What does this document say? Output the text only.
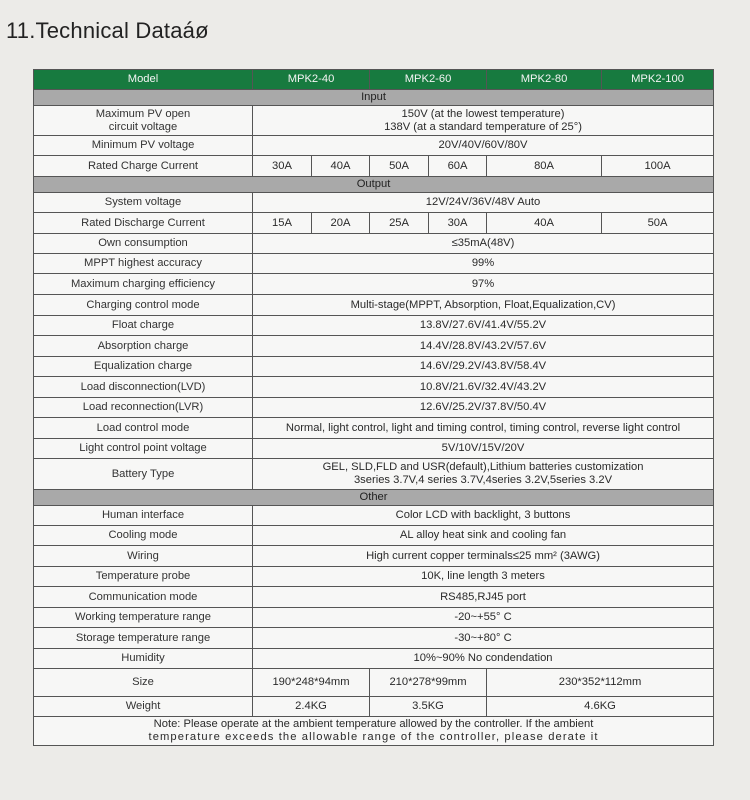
11.Technical Dataáø
Model	MPK2-40		MPK2-60		MPK2-80	MPK2-100
Input						
Maximum PV open
circuit voltage	150V (at the lowest temperature)
138V (at a standard temperature of 25°)					
Minimum PV voltage	20V/40V/60V/80V					
Rated Charge Current	30A	40A	50A	60A	80A	100A
Output						
System voltage	12V/24V/36V/48V Auto					
Rated Discharge Current	15A	20A	25A	30A	40A	50A
Own consumption	≤35mA(48V)					
MPPT highest accuracy	99%					
Maximum charging efficiency	97%					
Charging control mode	Multi-stage(MPPT, Absorption, Float,Equalization,CV)					
Float charge	13.8V/27.6V/41.4V/55.2V					
Absorption charge	14.4V/28.8V/43.2V/57.6V					
Equalization charge	14.6V/29.2V/43.8V/58.4V					
Load disconnection(LVD)	10.8V/21.6V/32.4V/43.2V					
Load reconnection(LVR)	12.6V/25.2V/37.8V/50.4V					
Load control mode	Normal, light control, light and timing control, timing control, reverse light control					
Light control point voltage	5V/10V/15V/20V					
Battery Type	GEL, SLD,FLD and USR(default),Lithium batteries customization
3series 3.7V,4 series 3.7V,4series 3.2V,5series 3.2V					
Other						
Human interface	Color LCD with backlight, 3 buttons					
Cooling mode	AL alloy heat sink and cooling fan					
Wiring	High current copper terminals≤25 mm² (3AWG)					
Temperature probe	10K, line length 3 meters					
Communication mode	RS485,RJ45 port					
Working temperature range	-20~+55° C					
Storage temperature range	-30~+80° C					
Humidity	10%~90% No condendation					
Size	190*248*94mm		210*278*99mm		230*352*112mm	
Weight	2.4KG		3.5KG		4.6KG	
Note: Please operate at the ambient temperature allowed by the controller. If the ambient
temperature exceeds the allowable range of the controller, please derate it						
